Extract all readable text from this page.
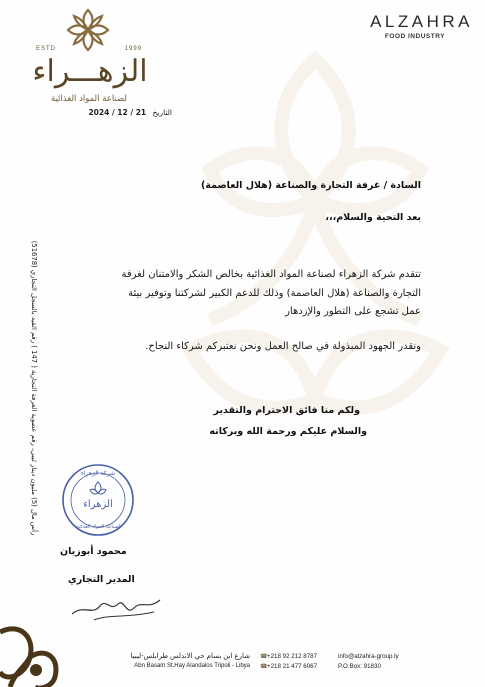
ESTD	1999
الزهـــراء
لصناعة المواد الغذائية
التاريخ 2024 / 12 / 21
ALZAHRA
FOOD INDUSTRY
رأس مال (5) مليون دينار ليبي، رقم عضوية الغرفة التجارية ( 147 ) رقم القيد بالسجل التجاري (51678)
السادة / غرفة التجارة والصناعة (هلال العاصمة)
بعد التحية والسلام،،،
تتقدم شركة الزهراء لصناعة المواد الغذائية بخالص الشكر والامتنان لغرفة التجارة والصناعة (هلال العاصمة) وذلك للدعم الكبير لشركتنا وتوفير بيئة عمل تشجع على التطور والإزدهار
ونقدر الجهود المبذولة في صالح العمل ونحن نعتبركم شركاء النجاح.
ولكم منا فائق الاحترام والتقدير
والسلام عليكم ورحمة الله وبركاته
شركة الزهراء
الزهراء
لصناعة المواد الغذائية
محمود أبوزيان
المدير التجاري
شارع ابن بسام حي الاندلس طرابلس-ليبيا
Abn Basam St.Hay Alandalos Tripoli - Libya
☎+218 92 212 8787
☎+218 21 477 6067
info@alzahra-group.ly
P.O.Box: 91830
